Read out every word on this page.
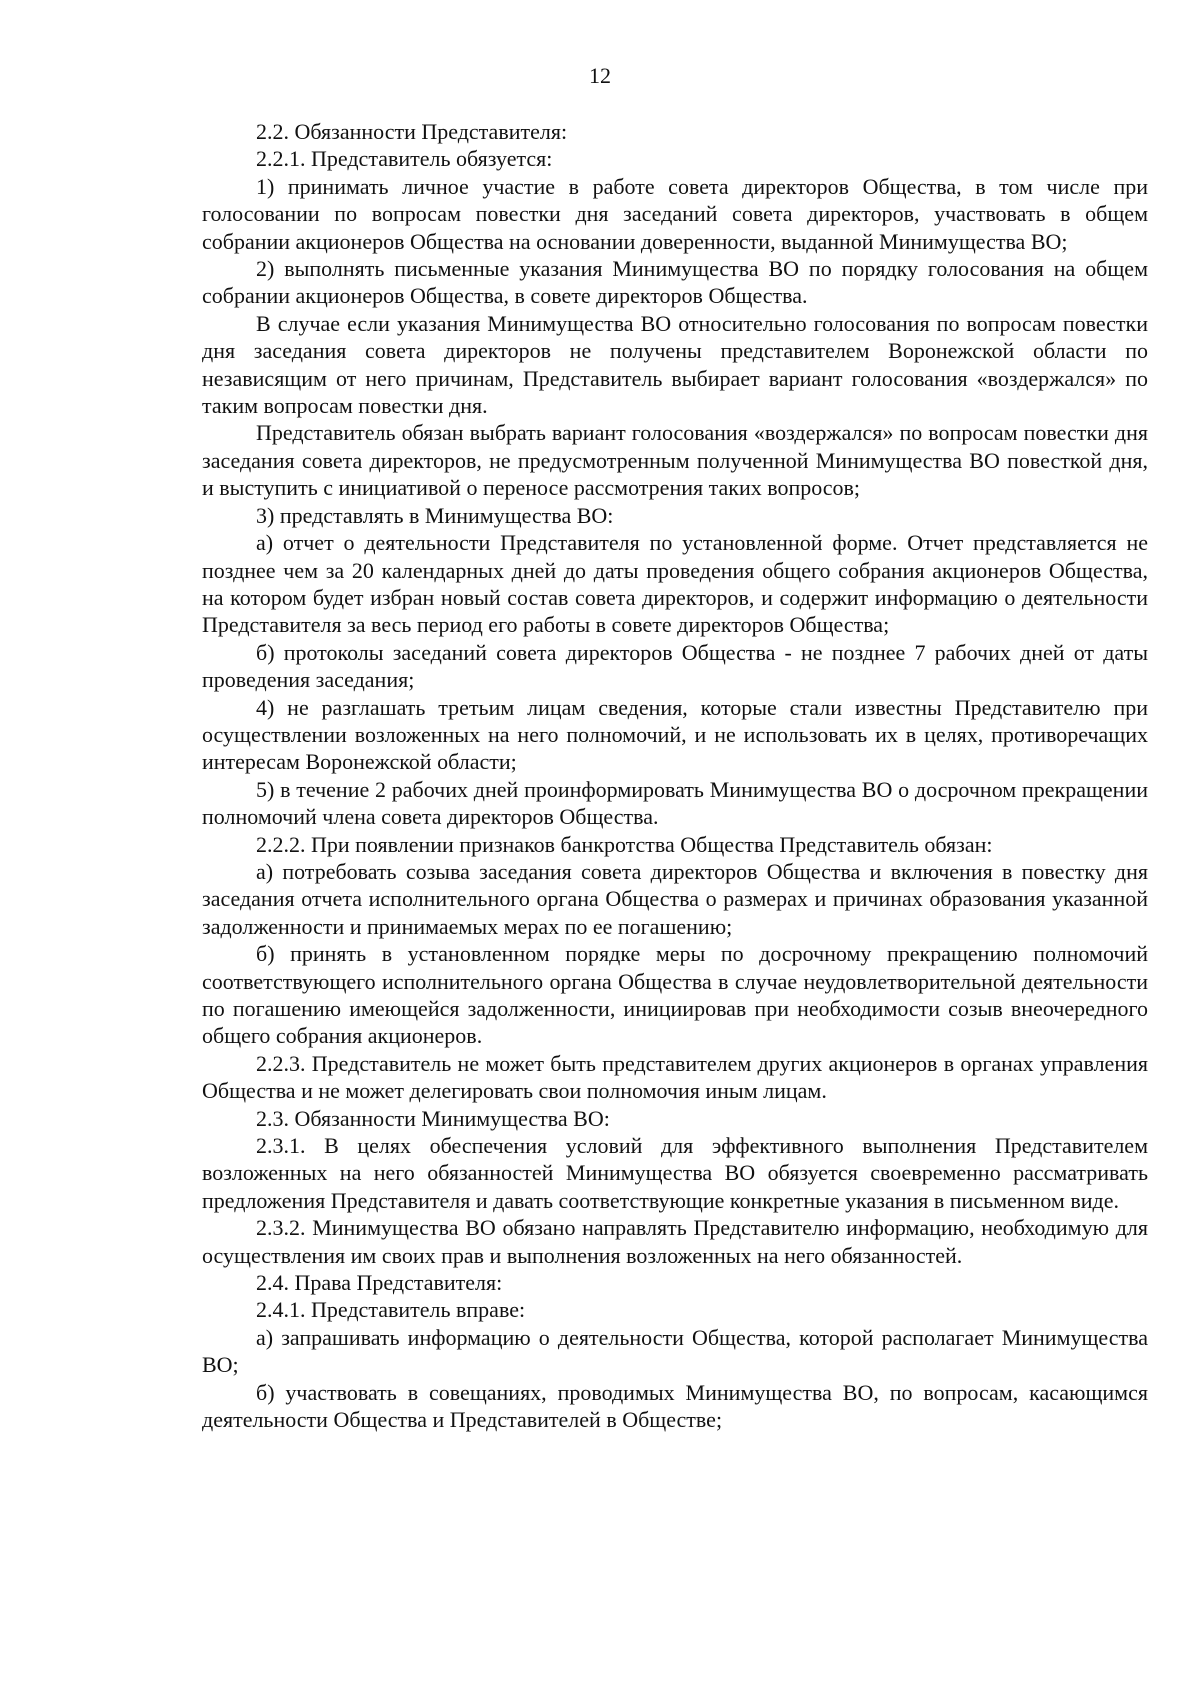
12

2.2. Обязанности Представителя:

2.2.1. Представитель обязуется:

1) принимать личное участие в работе совета директоров Общества, в том числе при голосовании по вопросам повестки дня заседаний совета директоров, участвовать в общем собрании акционеров Общества на основании доверенности, выданной Минимущества ВО;

2) выполнять письменные указания Минимущества ВО по порядку голосования на общем собрании акционеров Общества, в совете директоров Общества.

В случае если указания Минимущества ВО относительно голосования по вопросам повестки дня заседания совета директоров не получены представителем Воронежской области по независящим от него причинам, Представитель выбирает вариант голосования «воздержался» по таким вопросам повестки дня.

Представитель обязан выбрать вариант голосования «воздержался» по вопросам повестки дня заседания совета директоров, не предусмотренным полученной Минимущества ВО повесткой дня, и выступить с инициативой о переносе рассмотрения таких вопросов;

3) представлять в Минимущества ВО:

а) отчет о деятельности Представителя по установленной форме. Отчет представляется не позднее чем за 20 календарных дней до даты проведения общего собрания акционеров Общества, на котором будет избран новый состав совета директоров, и содержит информацию о деятельности Представителя за весь период его работы в совете директоров Общества;

б) протоколы заседаний совета директоров Общества - не позднее 7 рабочих дней от даты проведения заседания;

4) не разглашать третьим лицам сведения, которые стали известны Представителю при осуществлении возложенных на него полномочий, и не использовать их в целях, противоречащих интересам Воронежской области;

5) в течение 2 рабочих дней проинформировать Минимущества ВО о досрочном прекращении полномочий члена совета директоров Общества.

2.2.2. При появлении признаков банкротства Общества Представитель обязан:

а) потребовать созыва заседания совета директоров Общества и включения в повестку дня заседания отчета исполнительного органа Общества о размерах и причинах образования указанной задолженности и принимаемых мерах по ее погашению;

б) принять в установленном порядке меры по досрочному прекращению полномочий соответствующего исполнительного органа Общества в случае неудовлетворительной деятельности по погашению имеющейся задолженности, инициировав при необходимости созыв внеочередного общего собрания акционеров.

2.2.3. Представитель не может быть представителем других акционеров в органах управления Общества и не может делегировать свои полномочия иным лицам.

2.3. Обязанности Минимущества ВО:

2.3.1. В целях обеспечения условий для эффективного выполнения Представителем возложенных на него обязанностей Минимущества ВО обязуется своевременно рассматривать предложения Представителя и давать соответствующие конкретные указания в письменном виде.

2.3.2. Минимущества ВО обязано направлять Представителю информацию, необходимую для осуществления им своих прав и выполнения возложенных на него обязанностей.

2.4. Права Представителя:

2.4.1. Представитель вправе:

а) запрашивать информацию о деятельности Общества, которой располагает Минимущества ВО;

б) участвовать в совещаниях, проводимых Минимущества ВО, по вопросам, касающимся деятельности Общества и Представителей в Обществе;
